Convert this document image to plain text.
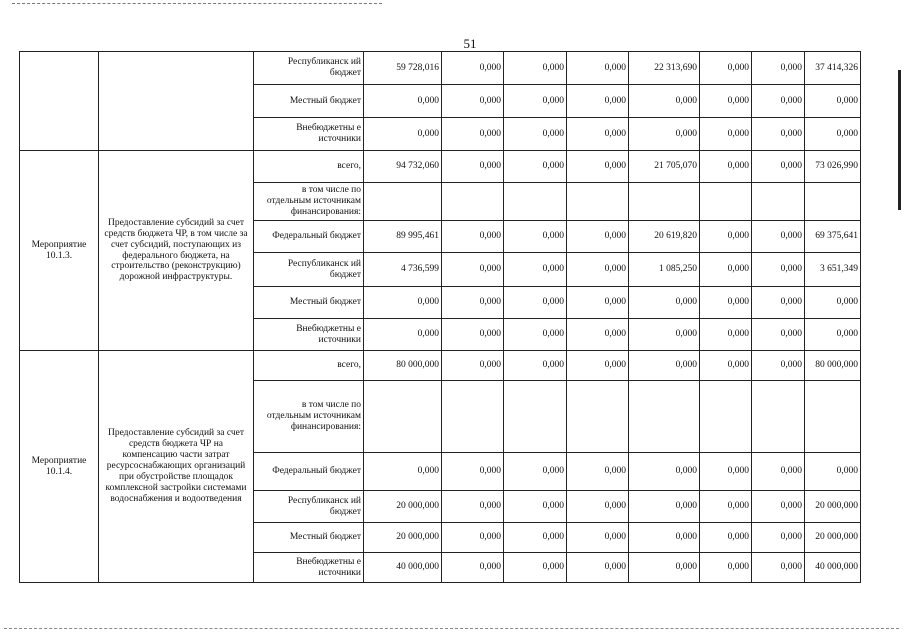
51
		Республиканск ий бюджет	59 728,016	0,000	0,000	0,000	22 313,690	0,000	0,000	37 414,326
		Местный бюджет	0,000	0,000	0,000	0,000	0,000	0,000	0,000	0,000
		Внебюджетны е источники	0,000	0,000	0,000	0,000	0,000	0,000	0,000	0,000
Мероприятие 10.1.3.	Предоставление субсидий за счет средств бюджета ЧР, в том числе за счет субсидий, поступающих из федерального бюджета, на строительство (реконструкцию) дорожной инфраструктуры.	всего,	94 732,060	0,000	0,000	0,000	21 705,070	0,000	0,000	73 026,990
		в том числе по отдельным источникам финансирования:								
		Федеральный бюджет	89 995,461	0,000	0,000	0,000	20 619,820	0,000	0,000	69 375,641
		Республиканск ий бюджет	4 736,599	0,000	0,000	0,000	1 085,250	0,000	0,000	3 651,349
		Местный бюджет	0,000	0,000	0,000	0,000	0,000	0,000	0,000	0,000
		Внебюджетны е источники	0,000	0,000	0,000	0,000	0,000	0,000	0,000	0,000
Мероприятие 10.1.4.	Предоставление субсидий за счет средств бюджета ЧР на компенсацию части затрат ресурсоснабжающих организаций при обустройстве площадок комплексной застройки системами водоснабжения и водоотведения	всего,	80 000,000	0,000	0,000	0,000	0,000	0,000	0,000	80 000,000
		в том числе по отдельным источникам финансирования:								
		Федеральный бюджет	0,000	0,000	0,000	0,000	0,000	0,000	0,000	0,000
		Республиканск ий бюджет	20 000,000	0,000	0,000	0,000	0,000	0,000	0,000	20 000,000
		Местный бюджет	20 000,000	0,000	0,000	0,000	0,000	0,000	0,000	20 000,000
		Внебюджетны е источники	40 000,000	0,000	0,000	0,000	0,000	0,000	0,000	40 000,000
